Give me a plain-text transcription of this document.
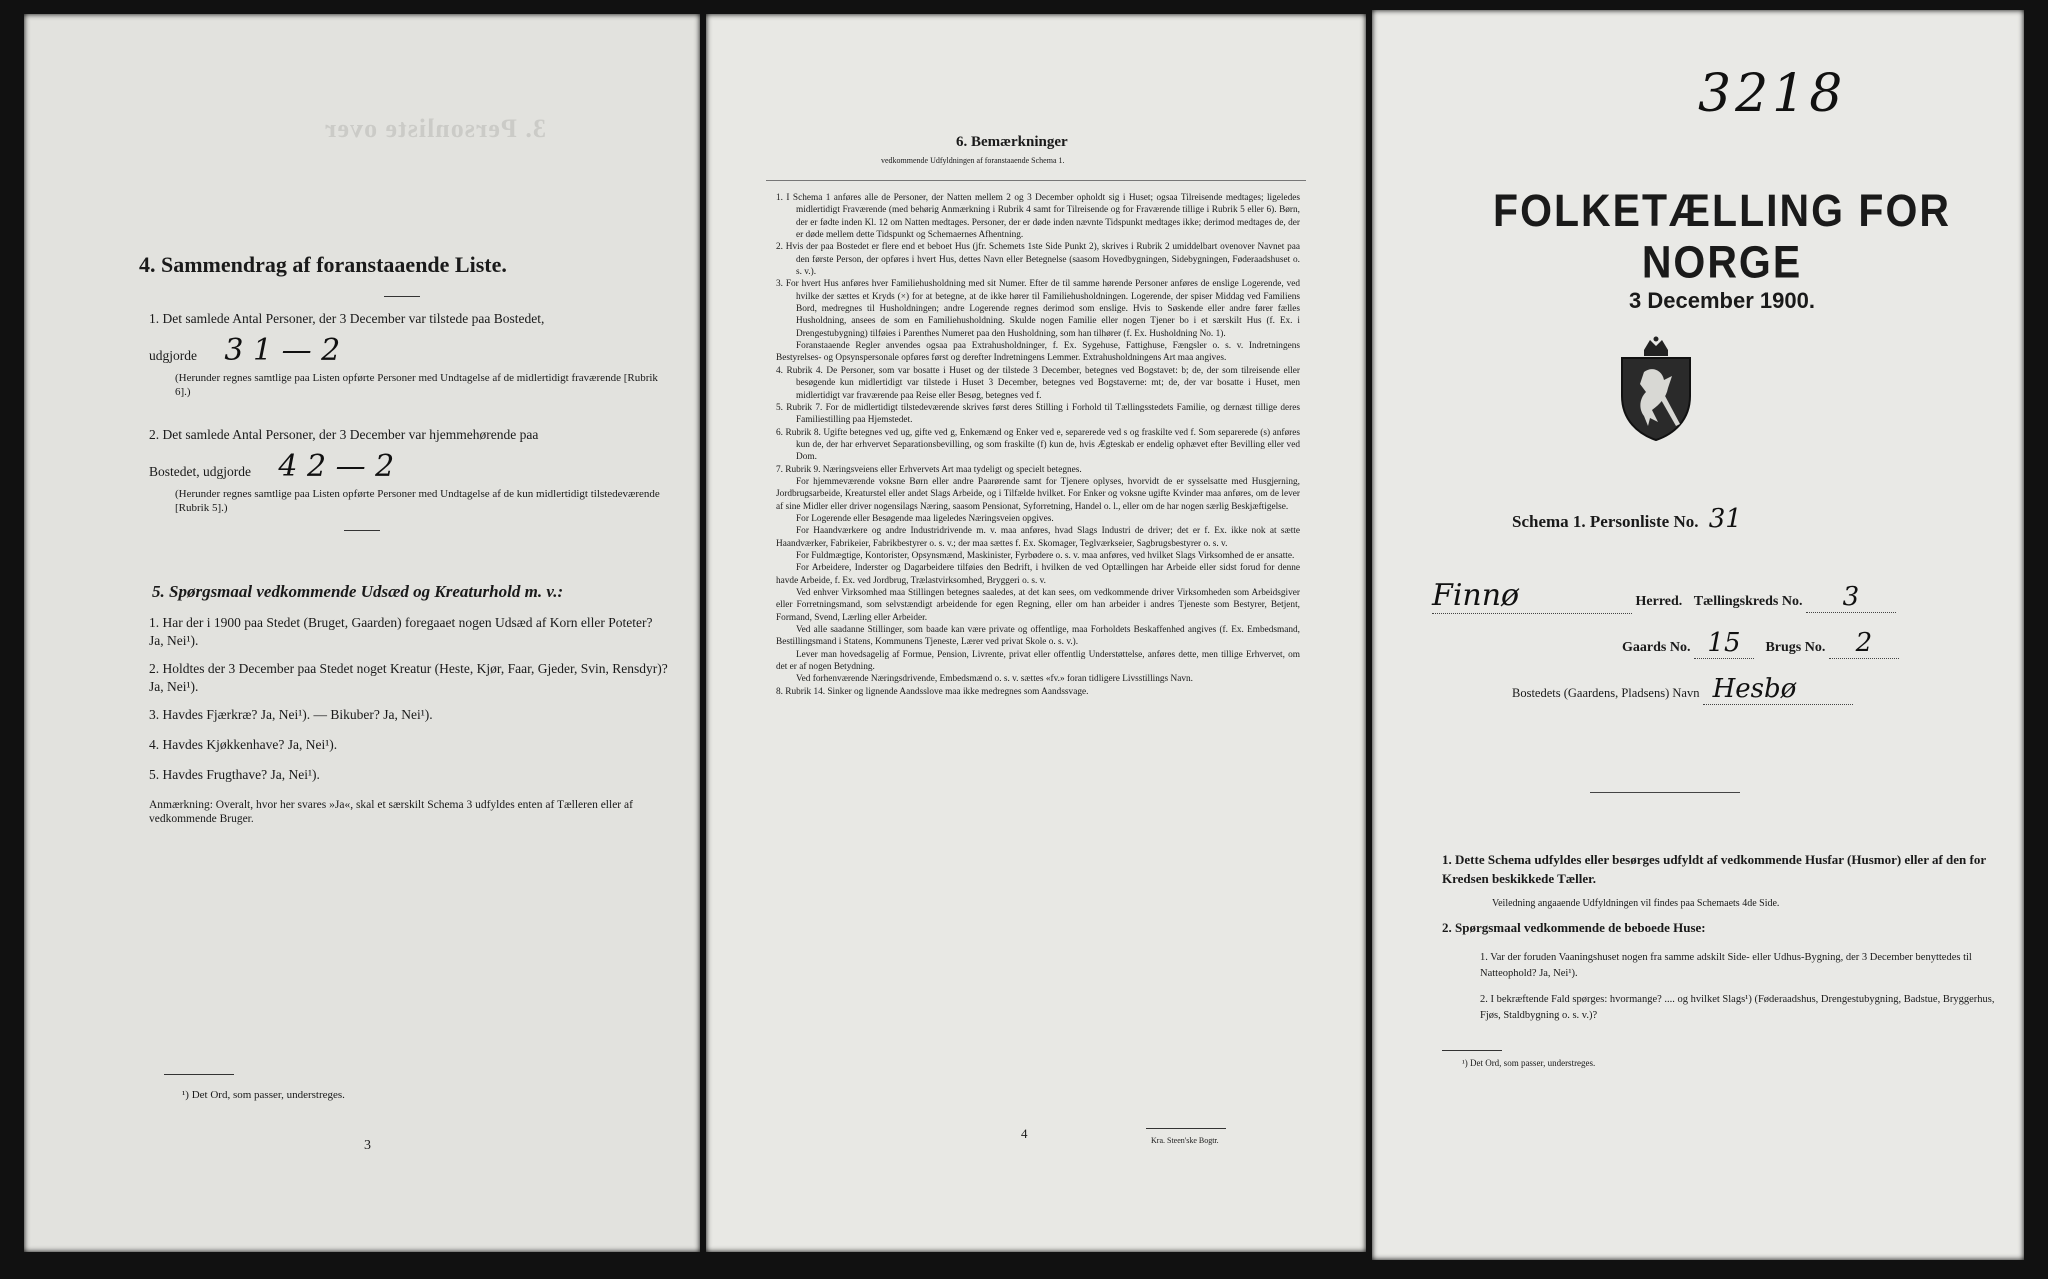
3. Personliste over
4. Sammendrag af foranstaaende Liste.
1. Det samlede Antal Personer, der 3 December var tilstede paa Bostedet,
udgjorde 3 1 — 2
(Herunder regnes samtlige paa Listen opførte Personer med Undtagelse af de midlertidigt fraværende [Rubrik 6].)
2. Det samlede Antal Personer, der 3 December var hjemmehørende paa
Bostedet, udgjorde 4 2 — 2
(Herunder regnes samtlige paa Listen opførte Personer med Undtagelse af de kun midlertidigt tilstedeværende [Rubrik 5].)
5. Spørgsmaal vedkommende Udsæd og Kreaturhold m. v.:
1. Har der i 1900 paa Stedet (Bruget, Gaarden) foregaaet nogen Udsæd af Korn eller Poteter? Ja, Nei¹).
2. Holdtes der 3 December paa Stedet noget Kreatur (Heste, Kjør, Faar, Gjeder, Svin, Rensdyr)? Ja, Nei¹).
3. Havdes Fjærkræ? Ja, Nei¹). — Bikuber? Ja, Nei¹).
4. Havdes Kjøkkenhave? Ja, Nei¹).
5. Havdes Frugthave? Ja, Nei¹).
Anmærkning: Overalt, hvor her svares »Ja«, skal et særskilt Schema 3 udfyldes enten af Tælleren eller af vedkommende Bruger.
¹) Det Ord, som passer, understreges.
3
6. Bemærkninger
vedkommende Udfyldningen af foranstaaende Schema 1.

1. I Schema 1 anføres alle de Personer, der Natten mellem 2 og 3 December opholdt sig i Huset; ogsaa Tilreisende medtages; ligeledes midlertidigt Fraværende (med behørig Anmærkning i Rubrik 4 samt for Tilreisende og for Fraværende tillige i Rubrik 5 eller 6). Børn, der er fødte inden Kl. 12 om Natten medtages. Personer, der er døde inden nævnte Tidspunkt medtages ikke; derimod medtages de, der er døde mellem dette Tidspunkt og Schemaernes Afhentning.

2. Hvis der paa Bostedet er flere end et beboet Hus (jfr. Schemets 1ste Side Punkt 2), skrives i Rubrik 2 umiddelbart ovenover Navnet paa den første Person, der opføres i hvert Hus, dettes Navn eller Betegnelse (saasom Hovedbygningen, Sidebygningen, Føderaadshuset o. s. v.).

3. For hvert Hus anføres hver Familiehusholdning med sit Numer. Efter de til samme hørende Personer anføres de enslige Logerende, ved hvilke der sættes et Kryds (×) for at betegne, at de ikke hører til Familiehusholdningen. Logerende, der spiser Middag ved Familiens Bord, medregnes til Husholdningen; andre Logerende regnes derimod som enslige. Hvis to Søskende eller andre fører fælles Husholdning, ansees de som en Familiehusholdning. Skulde nogen Familie eller nogen Tjener bo i et særskilt Hus (f. Ex. i Drengestubygning) tilføies i Parenthes Numeret paa den Husholdning, som han tilhører (f. Ex. Husholdning No. 1).

Foranstaaende Regler anvendes ogsaa paa Extrahusholdninger, f. Ex. Sygehuse, Fattighuse, Fængsler o. s. v. Indretningens Bestyrelses- og Opsynspersonale opføres først og derefter Indretningens Lemmer. Extrahusholdningens Art maa angives.

4. Rubrik 4. De Personer, som var bosatte i Huset og der tilstede 3 December, betegnes ved Bogstavet: b; de, der som tilreisende eller besøgende kun midlertidigt var tilstede i Huset 3 December, betegnes ved Bogstaverne: mt; de, der var bosatte i Huset, men midlertidigt var fraværende paa Reise eller Besøg, betegnes ved f.

5. Rubrik 7. For de midlertidigt tilstedeværende skrives først deres Stilling i Forhold til Tællingsstedets Familie, og dernæst tillige deres Familiestilling paa Hjemstedet.

6. Rubrik 8. Ugifte betegnes ved ug, gifte ved g, Enkemænd og Enker ved e, separerede ved s og fraskilte ved f. Som separerede (s) anføres kun de, der har erhvervet Separationsbevilling, og som fraskilte (f) kun de, hvis Ægteskab er endelig ophævet efter Bevilling eller ved Dom.

7. Rubrik 9. Næringsveiens eller Erhvervets Art maa tydeligt og specielt betegnes.

For hjemmeværende voksne Børn eller andre Paarørende samt for Tjenere oplyses, hvorvidt de er sysselsatte med Husgjerning, Jordbrugsarbeide, Kreaturstel eller andet Slags Arbeide, og i Tilfælde hvilket. For Enker og voksne ugifte Kvinder maa anføres, om de lever af sine Midler eller driver nogensilags Næring, saasom Pensionat, Syforretning, Handel o. l., eller om de har nogen særlig Beskjæftigelse.

For Logerende eller Besøgende maa ligeledes Næringsveien opgives.

For Haandværkere og andre Industridrivende m. v. maa anføres, hvad Slags Industri de driver; det er f. Ex. ikke nok at sætte Haandværker, Fabrikeier, Fabrikbestyrer o. s. v.; der maa sættes f. Ex. Skomager, Teglværkseier, Sagbrugsbestyrer o. s. v.

For Fuldmægtige, Kontorister, Opsynsmænd, Maskinister, Fyrbødere o. s. v. maa anføres, ved hvilket Slags Virksomhed de er ansatte.

For Arbeidere, Inderster og Dagarbeidere tilføies den Bedrift, i hvilken de ved Optællingen har Arbeide eller sidst forud for denne havde Arbeide, f. Ex. ved Jordbrug, Trælastvirksomhed, Bryggeri o. s. v.

Ved enhver Virksomhed maa Stillingen betegnes saaledes, at det kan sees, om vedkommende driver Virksomheden som Arbeidsgiver eller Forretningsmand, som selvstændigt arbeidende for egen Regning, eller om han arbeider i andres Tjeneste som Bestyrer, Betjent, Formand, Svend, Lærling eller Arbeider.

Ved alle saadanne Stillinger, som baade kan være private og offentlige, maa Forholdets Beskaffenhed angives (f. Ex. Embedsmand, Bestillingsmand i Statens, Kommunens Tjeneste, Lærer ved privat Skole o. s. v.).

Lever man hovedsagelig af Formue, Pension, Livrente, privat eller offentlig Understøttelse, anføres dette, men tillige Erhvervet, om det er af nogen Betydning.

Ved forhenværende Næringsdrivende, Embedsmænd o. s. v. sættes «fv.» foran tidligere Livsstillings Navn.

8. Rubrik 14. Sinker og lignende Aandsslove maa ikke medregnes som Aandssvage.

4	Kra. Steen'ske Bogtr.
3218
FOLKETÆLLING FOR NORGE
3 December 1900.
Schema 1. Personliste No. 31
Finnø	Herred. Tællingskreds No. 3
Gaards No. 15 Brugs No. 2
Bostedets (Gaardens, Pladsens) Navn Hesbø
1. Dette Schema udfyldes eller besørges udfyldt af vedkommende Husfar (Husmor) eller af den for Kredsen beskikkede Tæller.
Veiledning angaaende Udfyldningen vil findes paa Schemaets 4de Side.
2. Spørgsmaal vedkommende de beboede Huse:
1. Var der foruden Vaaningshuset nogen fra samme adskilt Side- eller Udhus-Bygning, der 3 December benyttedes til Natteophold? Ja, Nei¹).
2. I bekræftende Fald spørges: hvormange? .... og hvilket Slags¹) (Føderaadshus, Drengestubygning, Badstue, Bryggerhus, Fjøs, Staldbygning o. s. v.)?
¹) Det Ord, som passer, understreges.
